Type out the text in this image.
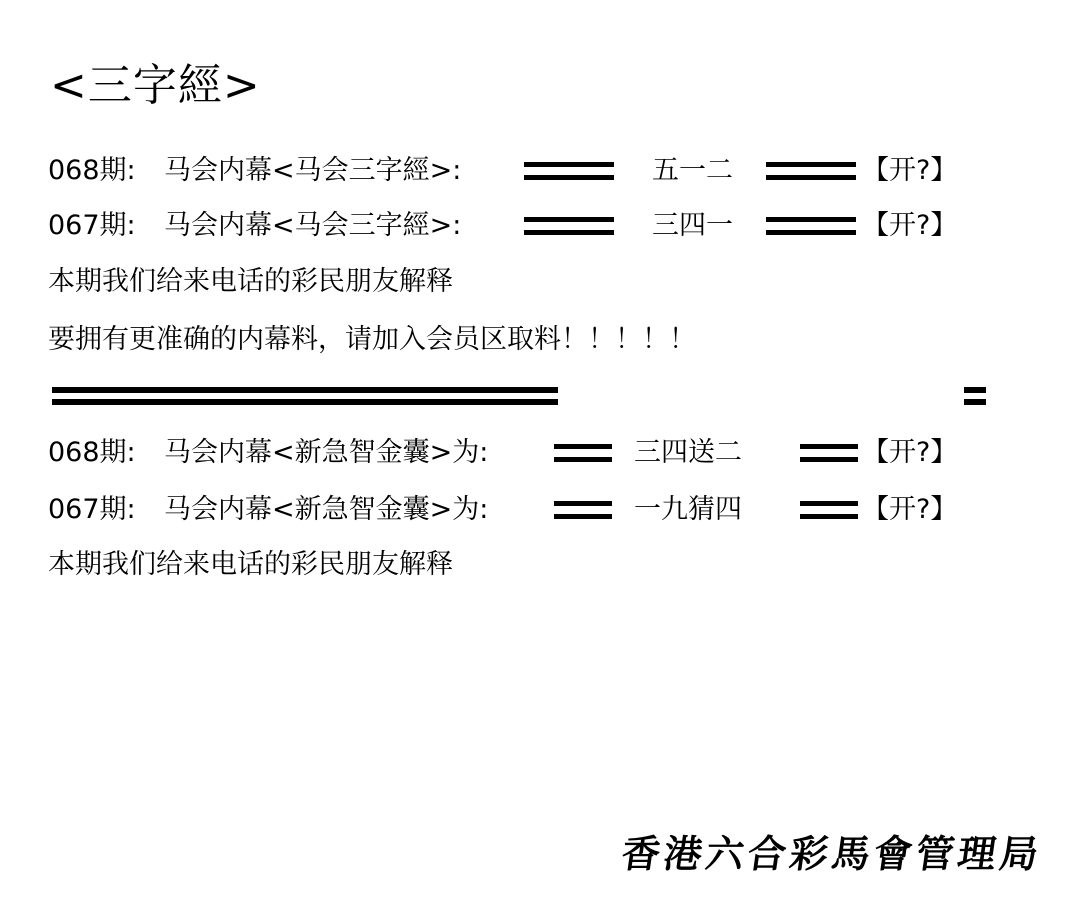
<三字經>
068期: 马会内幕<马会三字經>:	五一二	【开?】
067期: 马会内幕<马会三字經>:	三四一	【开?】
本期我们给来电话的彩民朋友解释
要拥有更准确的内幕料，请加入会员区取料！！！！！
068期: 马会内幕<新急智金囊>为:	三四送二	【开?】
067期: 马会内幕<新急智金囊>为:	一九猜四	【开?】
本期我们给来电话的彩民朋友解释
香港六合彩馬會管理局
